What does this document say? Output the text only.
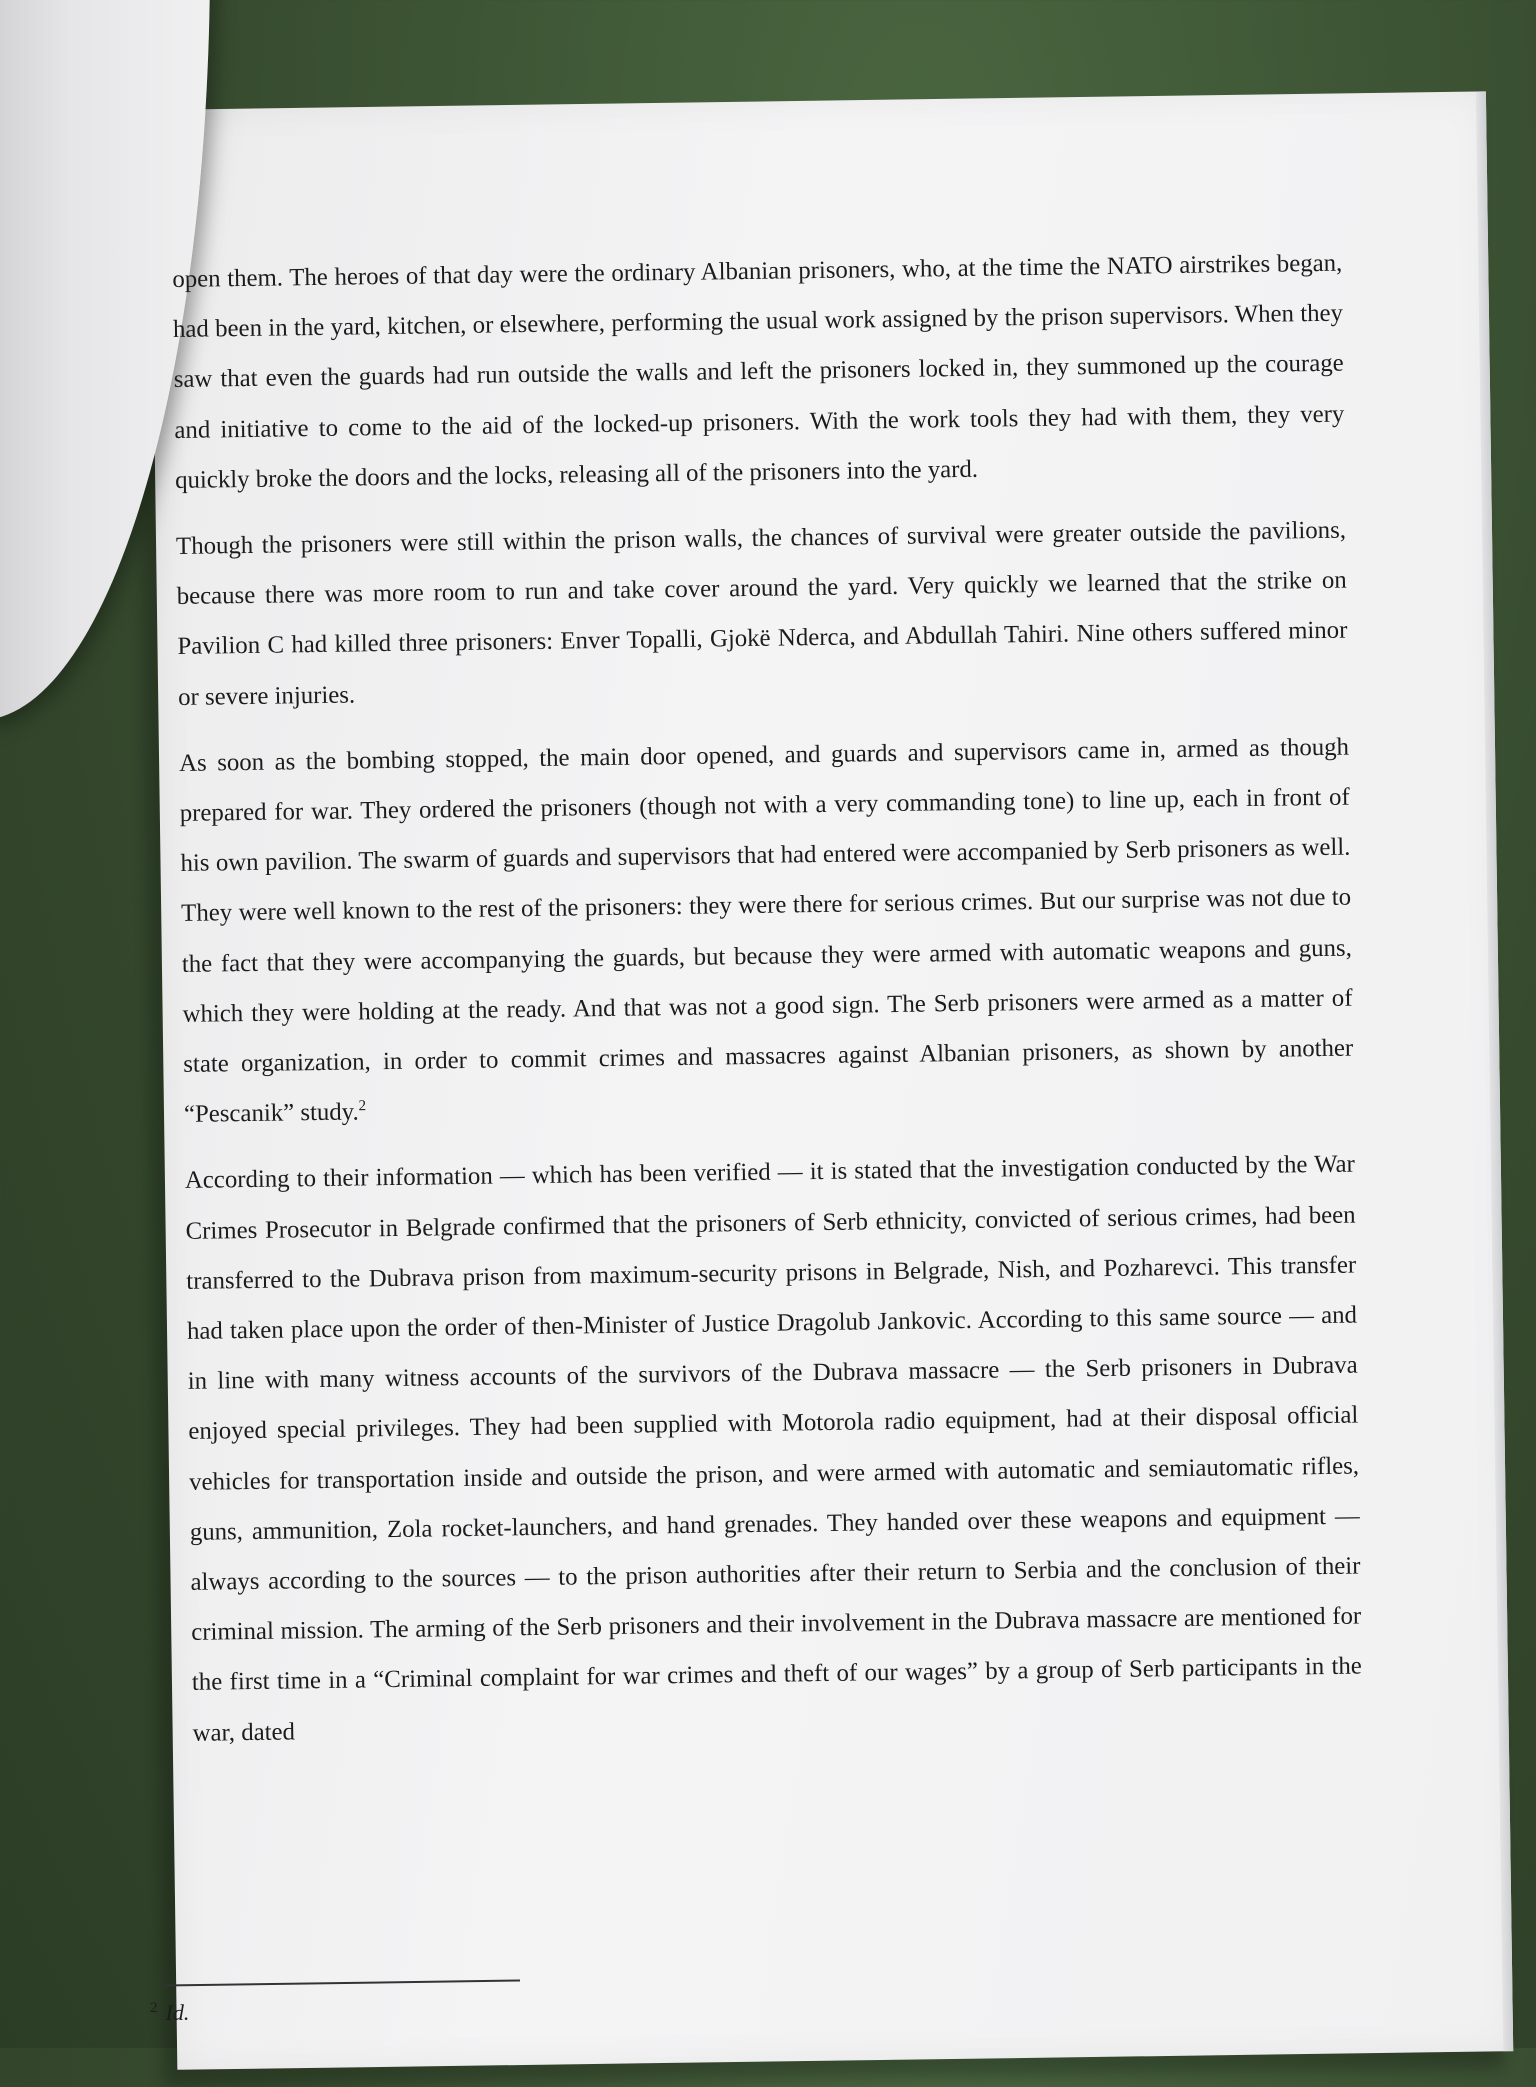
open them. The heroes of that day were the ordinary Albanian prisoners, who, at the time the NATO airstrikes began, had been in the yard, kitchen, or elsewhere, performing the usual work assigned by the prison supervisors. When they saw that even the guards had run outside the walls and left the prisoners locked in, they summoned up the courage and initiative to come to the aid of the locked-up prisoners. With the work tools they had with them, they very quickly broke the doors and the locks, releasing all of the prisoners into the yard.

Though the prisoners were still within the prison walls, the chances of survival were greater outside the pavilions, because there was more room to run and take cover around the yard. Very quickly we learned that the strike on Pavilion C had killed three prisoners: Enver Topalli, Gjokë Nderca, and Abdullah Tahiri. Nine others suffered minor or severe injuries.

As soon as the bombing stopped, the main door opened, and guards and supervisors came in, armed as though prepared for war. They ordered the prisoners (though not with a very commanding tone) to line up, each in front of his own pavilion. The swarm of guards and supervisors that had entered were accompanied by Serb prisoners as well. They were well known to the rest of the prisoners: they were there for serious crimes. But our surprise was not due to the fact that they were accompanying the guards, but because they were armed with automatic weapons and guns, which they were holding at the ready. And that was not a good sign. The Serb prisoners were armed as a matter of state organization, in order to commit crimes and massacres against Albanian prisoners, as shown by another “Pescanik” study.$^2$

According to their information — which has been verified — it is stated that the investigation conducted by the War Crimes Prosecutor in Belgrade confirmed that the prisoners of Serb ethnicity, convicted of serious crimes, had been transferred to the Dubrava prison from maximum-security prisons in Belgrade, Nish, and Pozharevci. This transfer had taken place upon the order of then-Minister of Justice Dragolub Jankovic. According to this same source — and in line with many witness accounts of the survivors of the Dubrava massacre — the Serb prisoners in Dubrava enjoyed special privileges. They had been supplied with Motorola radio equipment, had at their disposal official vehicles for transportation inside and outside the prison, and were armed with automatic and semiautomatic rifles, guns, ammunition, Zola rocket-launchers, and hand grenades. They handed over these weapons and equipment — always according to the sources — to the prison authorities after their return to Serbia and the conclusion of their criminal mission. The arming of the Serb prisoners and their involvement in the Dubrava massacre are mentioned for the first time in a “Criminal complaint for war crimes and theft of our wages” by a group of Serb participants in the war, dated

$^2$ Id.
